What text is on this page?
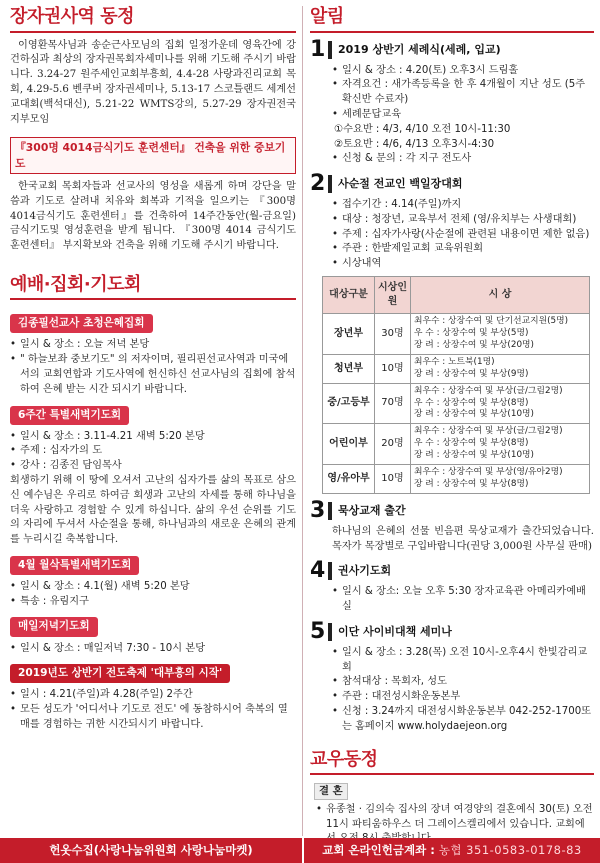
장자권사역 동정

이영환목사님과 송순근사모님의 집회 일정가운데 영육간에 강건하심과 최상의 장자권목회자세미나를 위해 기도해 주시기 바랍니다. 3.24-27 원주세인교회부흥회, 4.4-28 사랑과진리교회 목회, 4.29-5.6 벤쿠버 장자권세미나, 5.13-17 스코틀랜드 세계선교대회(백석대신), 5.21-22 WMTS강의, 5.27-29 장자권전국지부모임

『300명 4014금식기도 훈련센터』 건축을 위한 중보기도

한국교회 목회자들과 선교사의 영성을 새롭게 하며 강단을 말씀과 기도로 살려내 치유와 회복과 기적을 일으키는 『300명 4014금식기도 훈련센터』를 건축하여 14주간동안(월-금요일) 금식기도및 영성훈련을 받게 됩니다. 『300명 4014 금식기도 훈련센터』 부지확보와 건축을 위해 기도해 주시기 바랍니다.

예배·집회·기도회
김종필선교사 초청은혜집회
• 일시 & 장소 : 오늘 저녁 본당
• " 하늘보좌 중보기도" 의 저자이며, 필리핀선교사역과 미국에서의 교회연합과 기도사역에 헌신하신 선교사님의 집회에 참석하여 은혜 받는 시간 되시기 바랍니다.
6주간 특별새벽기도회
• 일시 & 장소 : 3.11-4.21 새벽 5:20 본당
• 주제 : 십자가의 도
• 강사 : 김종진 담임목사

회생하기 위해 이 땅에 오셔서 고난의 십자가를 삶의 목표로 삼으신 예수님은 우리로 하여금 회생과 고난의 자세를 통해 하나님을 더욱 사랑하고 경험할 수 있게 하십니다. 삶의 우선 순위를 기도의 자리에 두셔서 사순절을 통해, 하나님과의 새로운 은혜의 관계를 누리시길 축복합니다.

4월 월삭특별새벽기도회
• 일시 & 장소 : 4.1(월) 새벽 5:20 본당
• 특송 : 유림지구
매일저녁기도회
• 일시 & 장소 : 매일저녁 7:30 - 10시 본당
2019년도 상반기 전도축제 '대부흥의 시작'
• 일시 : 4.21(주일)과 4.28(주일) 2주간
• 모든 성도가 '어디서나 기도로 전도' 에 동참하시어 축복의 열매를 경험하는 귀한 시간되시기 바랍니다.
알림
1 2019 상반기 세례식(세례, 입교)
• 일시 & 장소 : 4.20(토) 오후3시 드림홀
• 자격요건 : 새가족등록을 한 후 4개월이 지난 성도 (5주 확신반 수료자)
• 세례문답교육
①수요반 : 4/3, 4/10 오전 10시-11:30
②토요반 : 4/6, 4/13 오후3시-4:30
• 신청 & 문의 : 각 지구 전도사
2 사순절 전교인 백일장대회
• 접수기간 : 4.14(주일)까지
• 대상 : 청장년, 교육부서 전체 (영/유치부는 사생대회)
• 주제 : 십자가사랑(사순절에 관련된 내용이면 제한 없음)
• 주관 : 한밭제일교회 교육위원회
• 시상내역
대상구분	시상인원	시 상
장년부	30명	최우수 : 상장수여 및 단기선교지원(5명)
우 수 : 상장수여 및 부상(5명)
장 려 : 상장수여 및 부상(20명)

청년부	10명	최우수 : 노트북(1명)
장 려 : 상장수여 및 부상(9명)

중/고등부	70명	최우수 : 상장수여 및 부상(글/그림2명)
우 수 : 상장수여 및 부상(8명)
장 려 : 상장수여 및 부상(10명)

어린이부	20명	최우수 : 상장수여 및 부상(글/그림2명)
우 수 : 상장수여 및 부상(8명)
장 려 : 상장수여 및 부상(10명)

영/유아부	10명	최우수 : 상장수여 및 부상(영/유아2명)
장 려 : 상장수여 및 부상(8명)
3 묵상교재 출간

하나님의 은혜의 선물 빈음편 묵상교재가 출간되었습니다. 목자가 목장별로 구입바랍니다(권당 3,000원 사무실 판매)

4 권사기도회
• 일시 & 장소: 오늘 오후 5:30 장자교육관 아메리카예배실
5 이단 사이비대책 세미나
• 일시 & 장소 : 3.28(목) 오전 10시-오후4시 한빛감리교회
• 참석대상 : 목회자, 성도
• 주관 : 대전성시화운동본부
• 신청 : 3.24까지 대전성시화운동본부 042-252-1700또는 홈페이지 www.holydaejeon.org
교우동정
결 혼
• 유종철 · 김의숙 집사의 장녀 여경양의 결혼예식 30(토) 오전 11시 파티움하우스 더 그레이스켈리에서 있습니다. 교회에
헌옷수집(사랑나눔위원회 사랑나눔마켓)	교회 온라인헌금계좌 : 농협 351-0583-0178-83
